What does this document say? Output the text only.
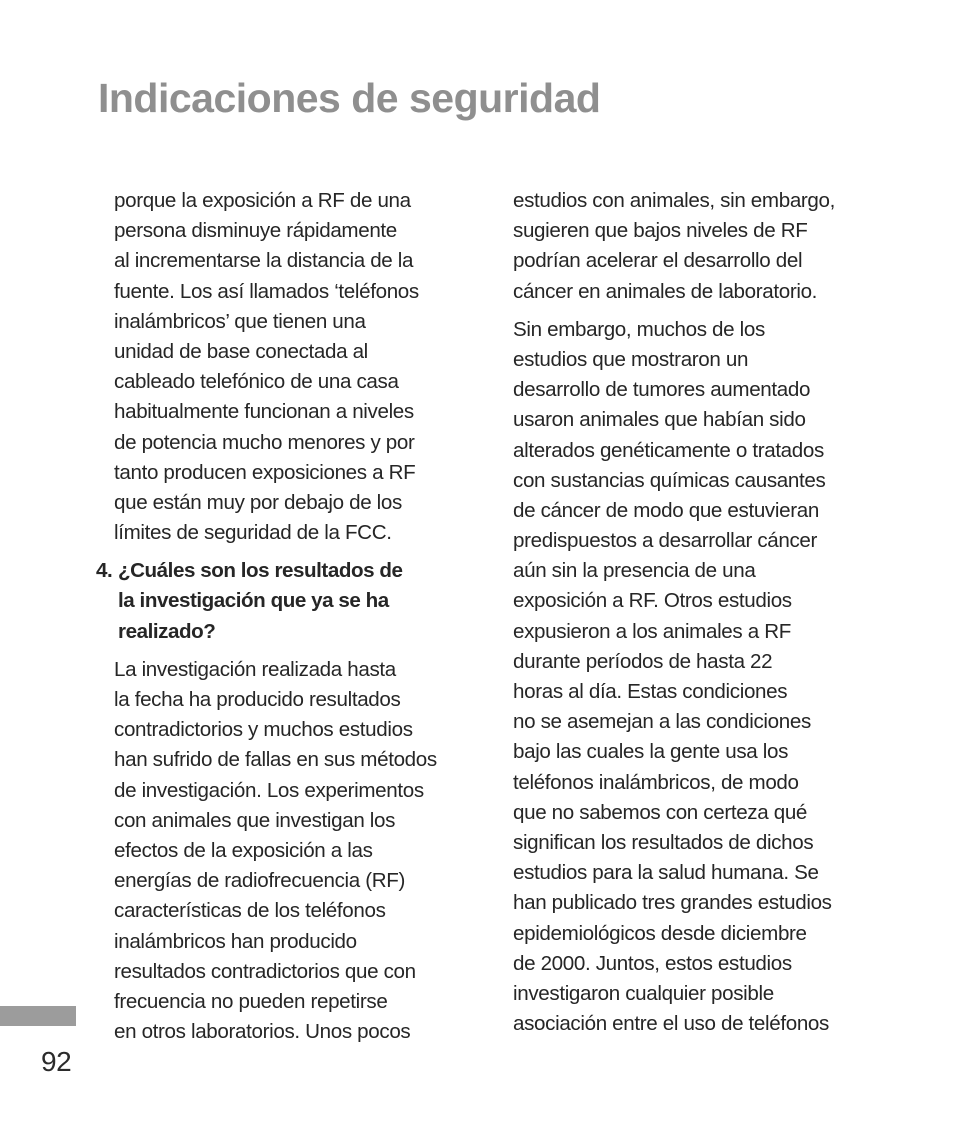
Indicaciones de seguridad
porque la exposición a RF de una
persona disminuye rápidamente
al incrementarse la distancia de la
fuente. Los así llamados ‘teléfonos
inalámbricos’ que tienen una
unidad de base conectada al
cableado telefónico de una casa
habitualmente funcionan a niveles
de potencia mucho menores y por
tanto producen exposiciones a RF
que están muy por debajo de los
límites de seguridad de la FCC.
4. ¿Cuáles son los resultados de
la investigación que ya se ha
realizado?
La investigación realizada hasta
la fecha ha producido resultados
contradictorios y muchos estudios
han sufrido de fallas en sus métodos
de investigación. Los experimentos
con animales que investigan los
efectos de la exposición a las
energías de radiofrecuencia (RF)
características de los teléfonos
inalámbricos han producido
resultados contradictorios que con
frecuencia no pueden repetirse
en otros laboratorios. Unos pocos
estudios con animales, sin embargo,
sugieren que bajos niveles de RF
podrían acelerar el desarrollo del
cáncer en animales de laboratorio.
Sin embargo, muchos de los
estudios que mostraron un
desarrollo de tumores aumentado
usaron animales que habían sido
alterados genéticamente o tratados
con sustancias químicas causantes
de cáncer de modo que estuvieran
predispuestos a desarrollar cáncer
aún sin la presencia de una
exposición a RF. Otros estudios
expusieron a los animales a RF
durante períodos de hasta 22
horas al día. Estas condiciones
no se asemejan a las condiciones
bajo las cuales la gente usa los
teléfonos inalámbricos, de modo
que no sabemos con certeza qué
significan los resultados de dichos
estudios para la salud humana. Se
han publicado tres grandes estudios
epidemiológicos desde diciembre
de 2000. Juntos, estos estudios
investigaron cualquier posible
asociación entre el uso de teléfonos
92
